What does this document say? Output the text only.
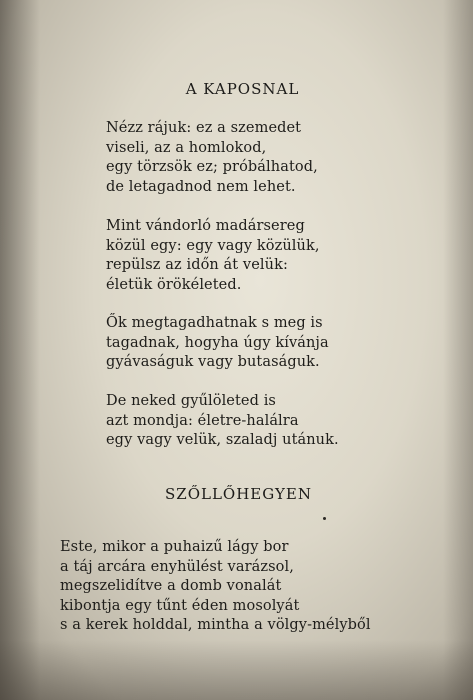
A KAPOSNAL
Nézz rájuk: ez a szemedet
viseli, az a homlokod,
egy törzsök ez; próbálhatod,
de letagadnod nem lehet.
Mint vándorló madársereg
közül egy: egy vagy közülük,
repülsz az időn át velük:
életük örökéleted.
Ők megtagadhatnak s meg is
tagadnak, hogyha úgy kívánja
gyávaságuk vagy butaságuk.
De neked gyűlöleted is
azt mondja: életre-halálra
egy vagy velük, szaladj utánuk.
SZŐLLŐHEGYEN
Este, mikor a puhaizű lágy bor
a táj arcára enyhülést varázsol,
megszelidítve a domb vonalát
kibontja egy tűnt éden mosolyát
s a kerek holddal, mintha a völgy-mélyből
